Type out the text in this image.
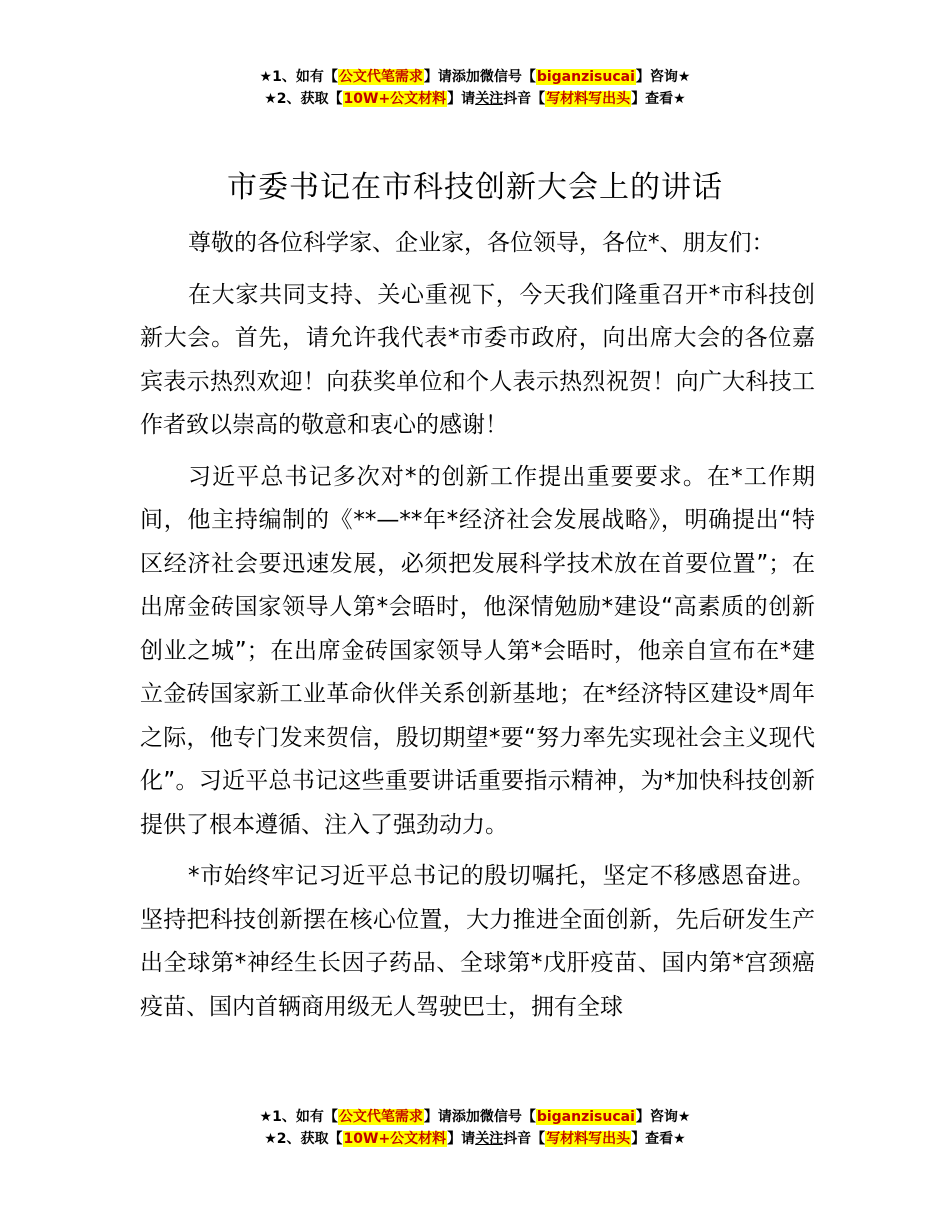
★1、如有【公文代笔需求】请添加微信号【biganzisucai】咨询★
★2、获取【10W+公文材料】请关注抖音【写材料写出头】查看★
市委书记在市科技创新大会上的讲话

尊敬的各位科学家、企业家，各位领导，各位*、朋友们：

在大家共同支持、关心重视下，今天我们隆重召开*市科技创新大会。首先，请允许我代表*市委市政府，向出席大会的各位嘉宾表示热烈欢迎！向获奖单位和个人表示热烈祝贺！向广大科技工作者致以崇高的敬意和衷心的感谢！

习近平总书记多次对*的创新工作提出重要要求。在*工作期间，他主持编制的《**—**年*经济社会发展战略》，明确提出“特区经济社会要迅速发展，必须把发展科学技术放在首要位置”；在出席金砖国家领导人第*会晤时，他深情勉励*建设“高素质的创新创业之城”；在出席金砖国家领导人第*会晤时，他亲自宣布在*建立金砖国家新工业革命伙伴关系创新基地；在*经济特区建设*周年之际，他专门发来贺信，殷切期望*要“努力率先实现社会主义现代化”。习近平总书记这些重要讲话重要指示精神，为*加快科技创新提供了根本遵循、注入了强劲动力。

*市始终牢记习近平总书记的殷切嘱托，坚定不移感恩奋进。坚持把科技创新摆在核心位置，大力推进全面创新，先后研发生产出全球第*神经生长因子药品、全球第*戊肝疫苗、国内第*宫颈癌疫苗、国内首辆商用级无人驾驶巴士，拥有全球

★1、如有【公文代笔需求】请添加微信号【biganzisucai】咨询★
★2、获取【10W+公文材料】请关注抖音【写材料写出头】查看★
